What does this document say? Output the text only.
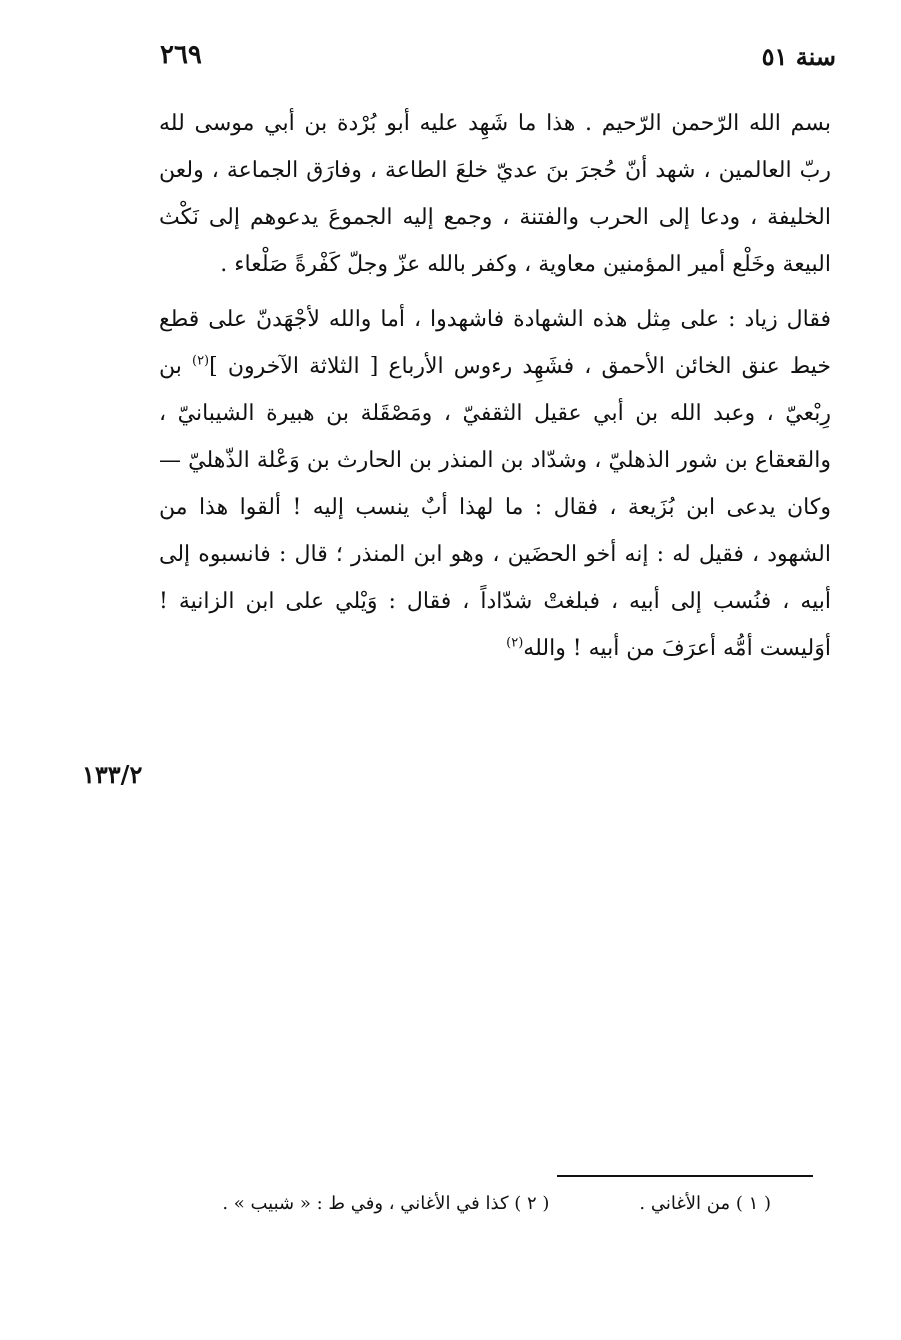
سنة ٥١
٢٦٩
١٣٣/٢

بسم الله الرّحمن الرّحيم . هذا ما شَهِد عليه أبو بُرْدة بن أبي موسى لله ربّ العالمين ، شهد أنّ حُجرَ بنَ عديّ خلعَ الطاعة ، وفارَق الجماعة ، ولعن الخليفة ، ودعا إلى الحرب والفتنة ، وجمع إليه الجموعَ يدعوهم إلى نَكْث البيعة وخَلْع أمير المؤمنين معاوية ، وكفر بالله عزّ وجلّ كَفْرةً صَلْعاء .

فقال زياد : على مِثل هذه الشهادة فاشهدوا ، أما والله لأجْهَدنّ على قطع خيط عنق الخائن الأحمق ، فشَهِد رءوس الأرباع [ الثلاثة الآخرون ]$^{(٢)}$ بن رِبْعيّ ، وعبد الله بن أبي عقيل الثقفيّ ، ومَصْقَلة بن هبيرة الشيبانيّ ، والقعقاع بن شور الذهليّ ، وشدّاد بن المنذر بن الحارث بن وَعْلة الذّهليّ — وكان يدعى ابن بُزَيعة ، فقال : ما لهذا أبٌ ينسب إليه ! ألقوا هذا من الشهود ، فقيل له : إنه أخو الحضَين ، وهو ابن المنذر ؛ قال : فانسبوه إلى أبيه ، فنُسب إلى أبيه ، فبلغتْ شدّاداً ، فقال : وَيْلي على ابن الزانية ! أوَليست أمُّه أعرَفَ من أبيه ! والله$^{(٢)}$

( ١ ) من الأغاني .
( ٢ ) كذا في الأغاني ، وفي ط : « شبيب » .
